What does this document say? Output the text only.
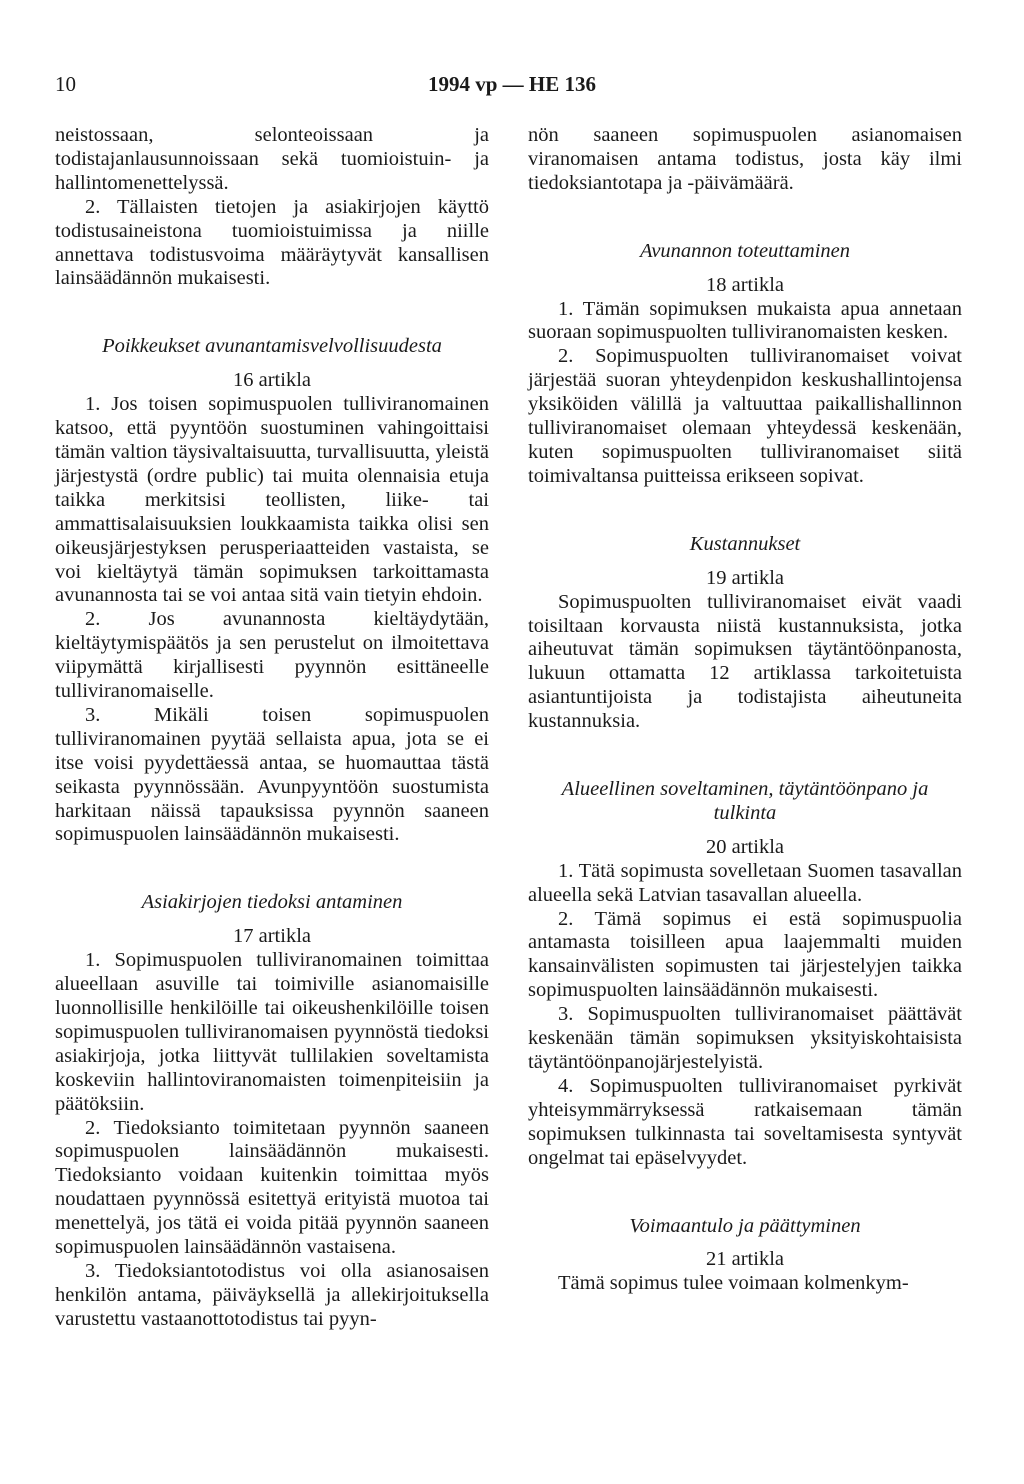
10	1994 vp — HE 136

neistossaan, selonteoissaan ja todistajanlausunnoissaan sekä tuomioistuin- ja hallintomenettelyssä.

2. Tällaisten tietojen ja asiakirjojen käyttö todistusaineistona tuomioistuimissa ja niille annettava todistusvoima määräytyvät kansallisen lainsäädännön mukaisesti.

Poikkeukset avunantamisvelvollisuudesta

16 artikla

1. Jos toisen sopimuspuolen tulliviranomainen katsoo, että pyyntöön suostuminen vahingoittaisi tämän valtion täysivaltaisuutta, turvallisuutta, yleistä järjestystä (ordre public) tai muita olennaisia etuja taikka merkitsisi teollisten, liike- tai ammattisalaisuuksien loukkaamista taikka olisi sen oikeusjärjestyksen perusperiaatteiden vastaista, se voi kieltäytyä tämän sopimuksen tarkoittamasta avunannosta tai se voi antaa sitä vain tietyin ehdoin.

2. Jos avunannosta kieltäydytään, kieltäytymispäätös ja sen perustelut on ilmoitettava viipymättä kirjallisesti pyynnön esittäneelle tulliviranomaiselle.

3. Mikäli toisen sopimuspuolen tulliviranomainen pyytää sellaista apua, jota se ei itse voisi pyydettäessä antaa, se huomauttaa tästä seikasta pyynnössään. Avunpyyntöön suostumista harkitaan näissä tapauksissa pyynnön saaneen sopimuspuolen lainsäädännön mukaisesti.

Asiakirjojen tiedoksi antaminen

17 artikla

1. Sopimuspuolen tulliviranomainen toimittaa alueellaan asuville tai toimiville asianomaisille luonnollisille henkilöille tai oikeushenkilöille toisen sopimuspuolen tulliviranomaisen pyynnöstä tiedoksi asiakirjoja, jotka liittyvät tullilakien soveltamista koskeviin hallintoviranomaisten toimenpiteisiin ja päätöksiin.

2. Tiedoksianto toimitetaan pyynnön saaneen sopimuspuolen lainsäädännön mukaisesti. Tiedoksianto voidaan kuitenkin toimittaa myös noudattaen pyynnössä esitettyä erityistä muotoa tai menettelyä, jos tätä ei voida pitää pyynnön saaneen sopimuspuolen lainsäädännön vastaisena.

3. Tiedoksiantotodistus voi olla asianosaisen henkilön antama, päiväyksellä ja allekirjoituksella varustettu vastaanottotodistus tai pyyn-

nön saaneen sopimuspuolen asianomaisen viranomaisen antama todistus, josta käy ilmi tiedoksiantotapa ja -päivämäärä.

Avunannon toteuttaminen

18 artikla

1. Tämän sopimuksen mukaista apua annetaan suoraan sopimuspuolten tulliviranomaisten kesken.

2. Sopimuspuolten tulliviranomaiset voivat järjestää suoran yhteydenpidon keskushallintojensa yksiköiden välillä ja valtuuttaa paikallishallinnon tulliviranomaiset olemaan yhteydessä keskenään, kuten sopimuspuolten tulliviranomaiset siitä toimivaltansa puitteissa erikseen sopivat.

Kustannukset

19 artikla

Sopimuspuolten tulliviranomaiset eivät vaadi toisiltaan korvausta niistä kustannuksista, jotka aiheutuvat tämän sopimuksen täytäntöönpanosta, lukuun ottamatta 12 artiklassa tarkoitetuista asiantuntijoista ja todistajista aiheutuneita kustannuksia.

Alueellinen soveltaminen, täytäntöönpano ja tulkinta

20 artikla

1. Tätä sopimusta sovelletaan Suomen tasavallan alueella sekä Latvian tasavallan alueella.

2. Tämä sopimus ei estä sopimuspuolia antamasta toisilleen apua laajemmalti muiden kansainvälisten sopimusten tai järjestelyjen taikka sopimuspuolten lainsäädännön mukaisesti.

3. Sopimuspuolten tulliviranomaiset päättävät keskenään tämän sopimuksen yksityiskohtaisista täytäntöönpanojärjestelyistä.

4. Sopimuspuolten tulliviranomaiset pyrkivät yhteisymmärryksessä ratkaisemaan tämän sopimuksen tulkinnasta tai soveltamisesta syntyvät ongelmat tai epäselvyydet.

Voimaantulo ja päättyminen

21 artikla

Tämä sopimus tulee voimaan kolmenkym-
